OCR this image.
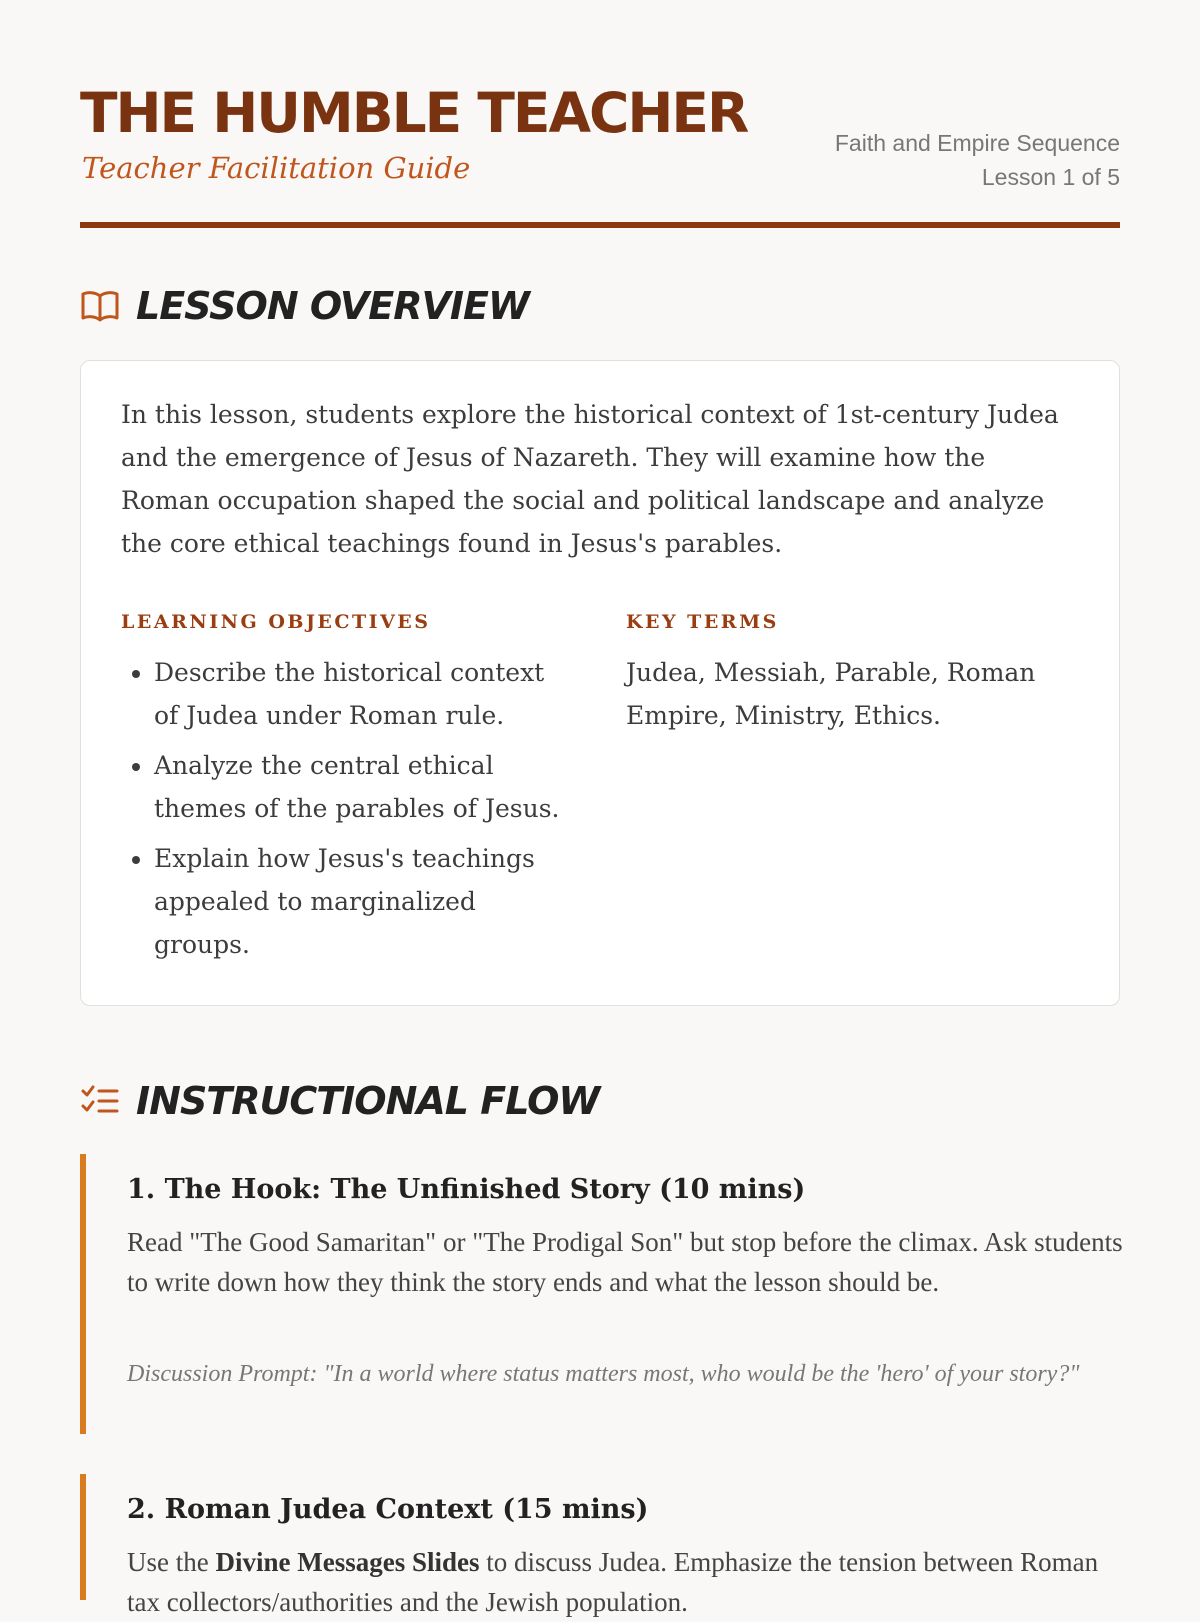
THE HUMBLE TEACHER
Teacher Facilitation Guide
Faith and Empire Sequence
Lesson 1 of 5
LESSON OVERVIEW

In this lesson, students explore the historical context of 1st-century Judea and the emergence of Jesus of Nazareth. They will examine how the Roman occupation shaped the social and political landscape and analyze the core ethical teachings found in Jesus's parables.

LEARNING OBJECTIVES
• Describe the historical context of Judea under Roman rule.
• Analyze the central ethical themes of the parables of Jesus.
• Explain how Jesus's teachings appealed to marginalized groups.
KEY TERMS
Judea, Messiah, Parable, Roman Empire, Ministry, Ethics.
INSTRUCTIONAL FLOW
1. The Hook: The Unfinished Story (10 mins)
Read "The Good Samaritan" or "The Prodigal Son" but stop before the climax. Ask students to write down how they think the story ends and what the lesson should be.
Discussion Prompt: "In a world where status matters most, who would be the 'hero' of your story?"
2. Roman Judea Context (15 mins)
Use the Divine Messages Slides to discuss Judea. Emphasize the tension between Roman tax collectors/authorities and the Jewish population.
